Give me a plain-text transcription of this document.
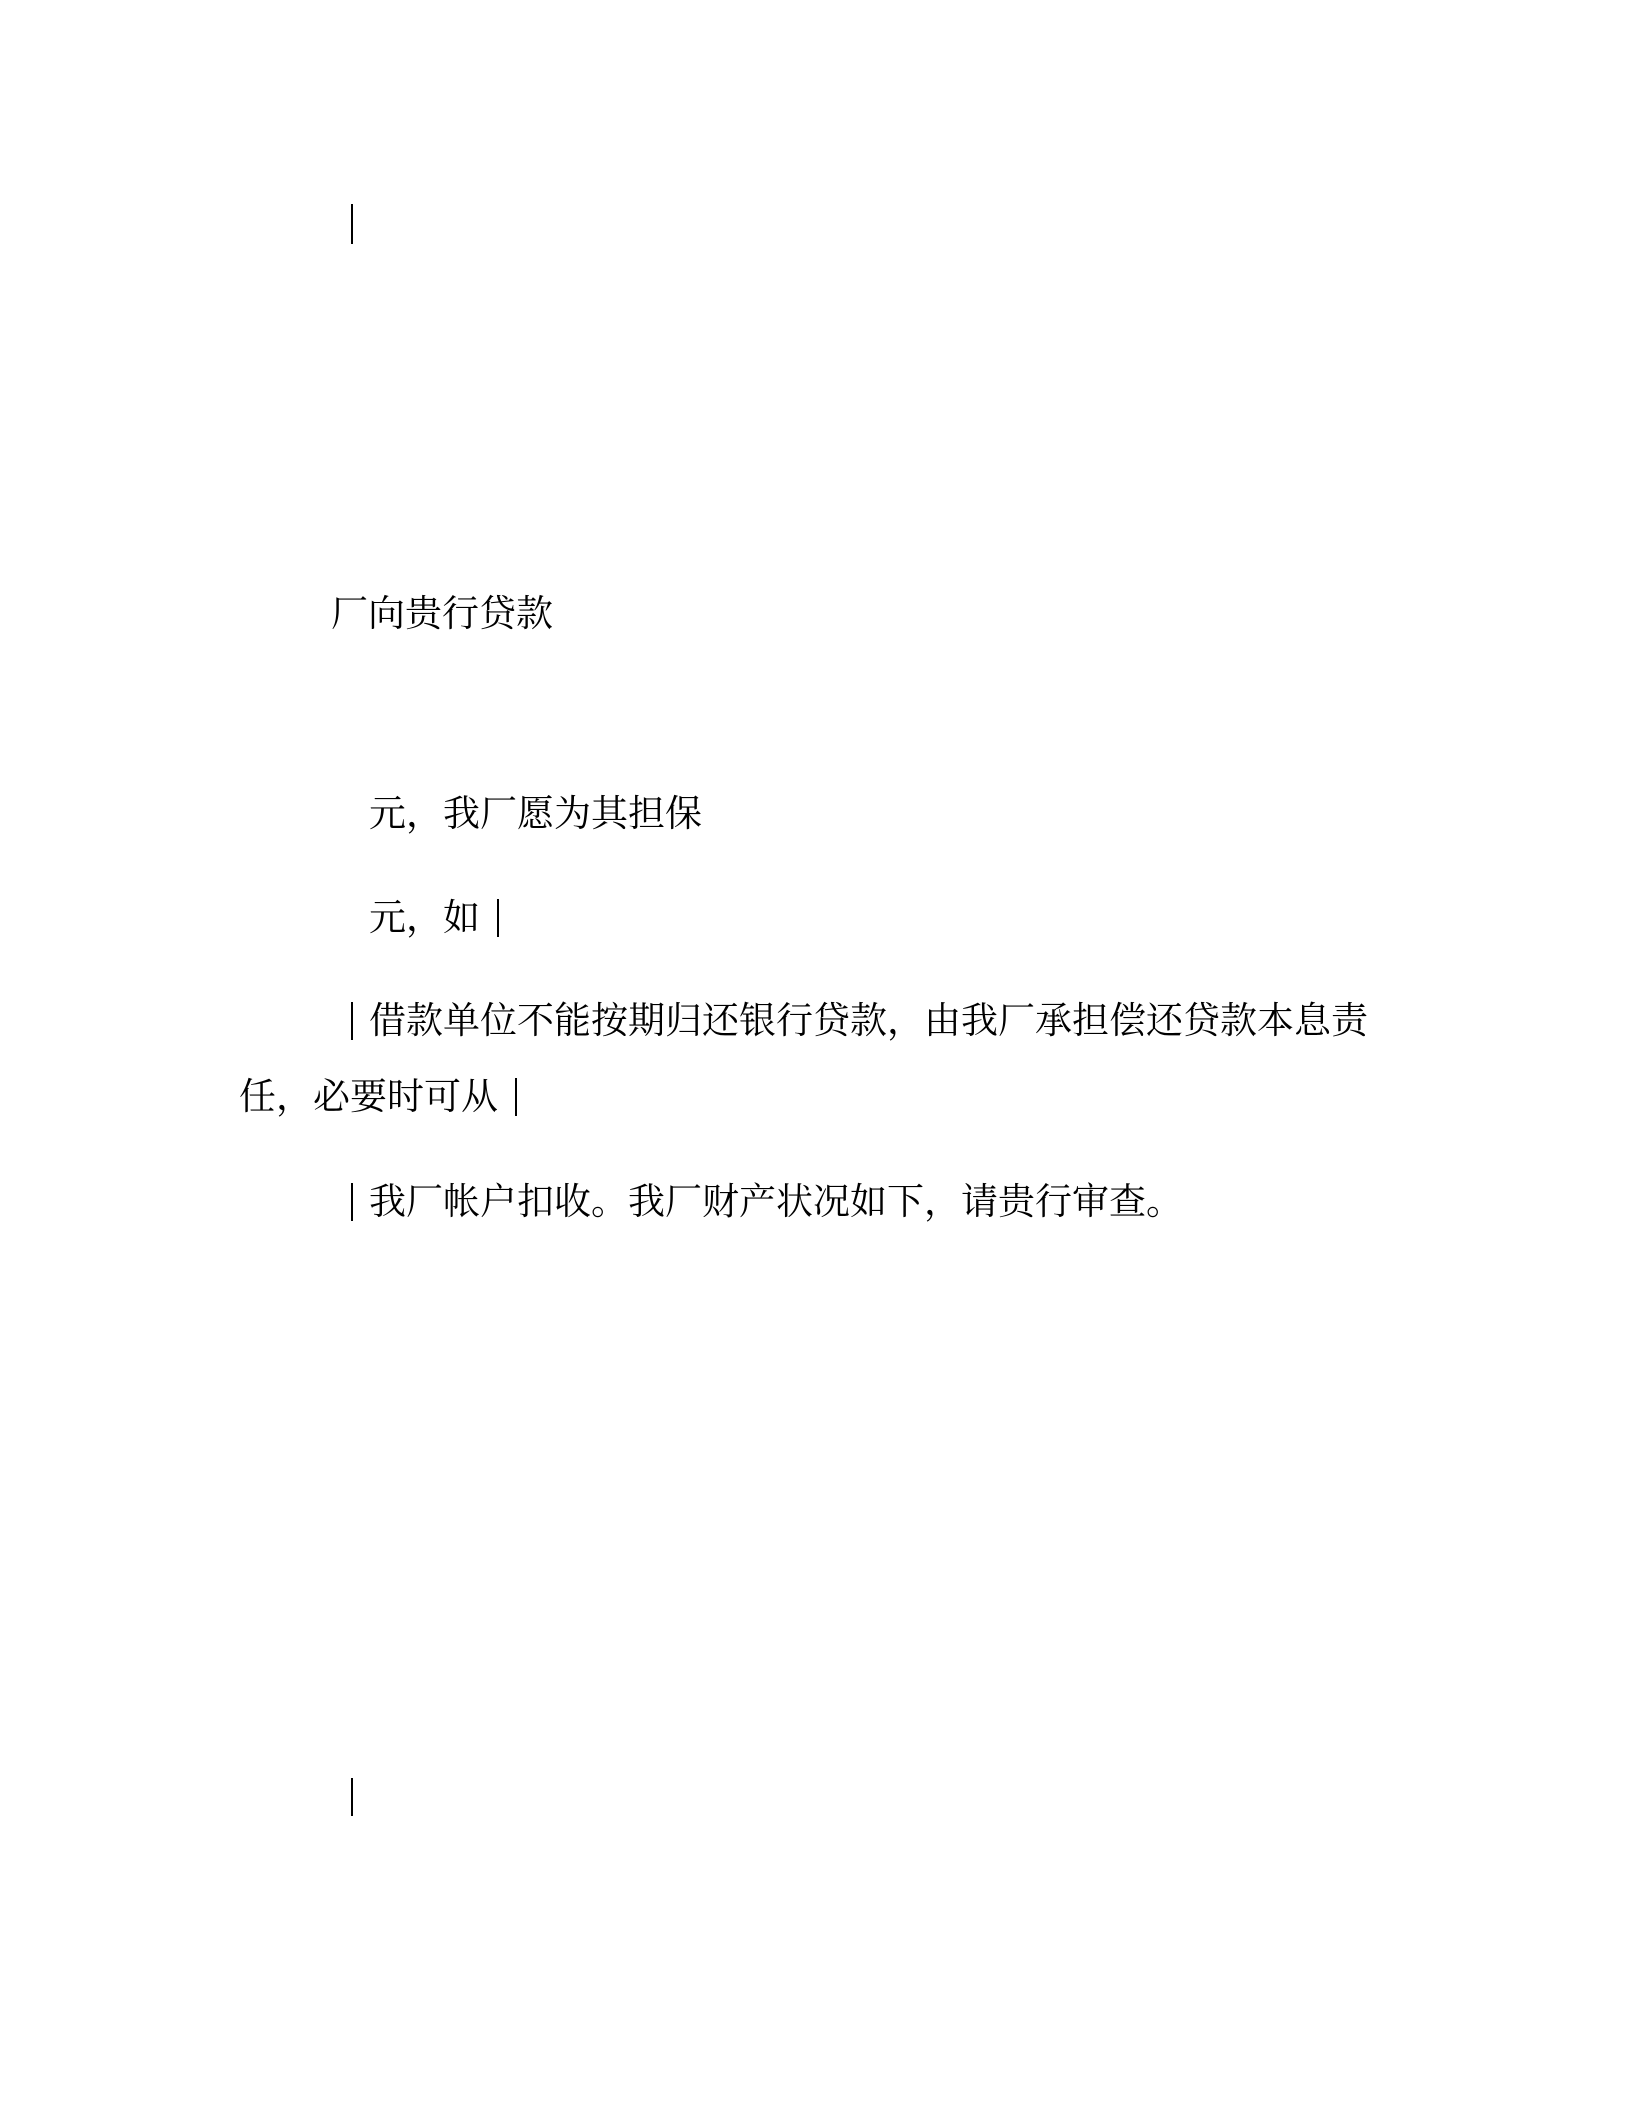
厂向贵行贷款
元，我厂愿为其担保
元，如
借款单位不能按期归还银行贷款，由我厂承担偿还贷款本息责
任，必要时可从
我厂帐户扣收。我厂财产状况如下，请贵行审查。
